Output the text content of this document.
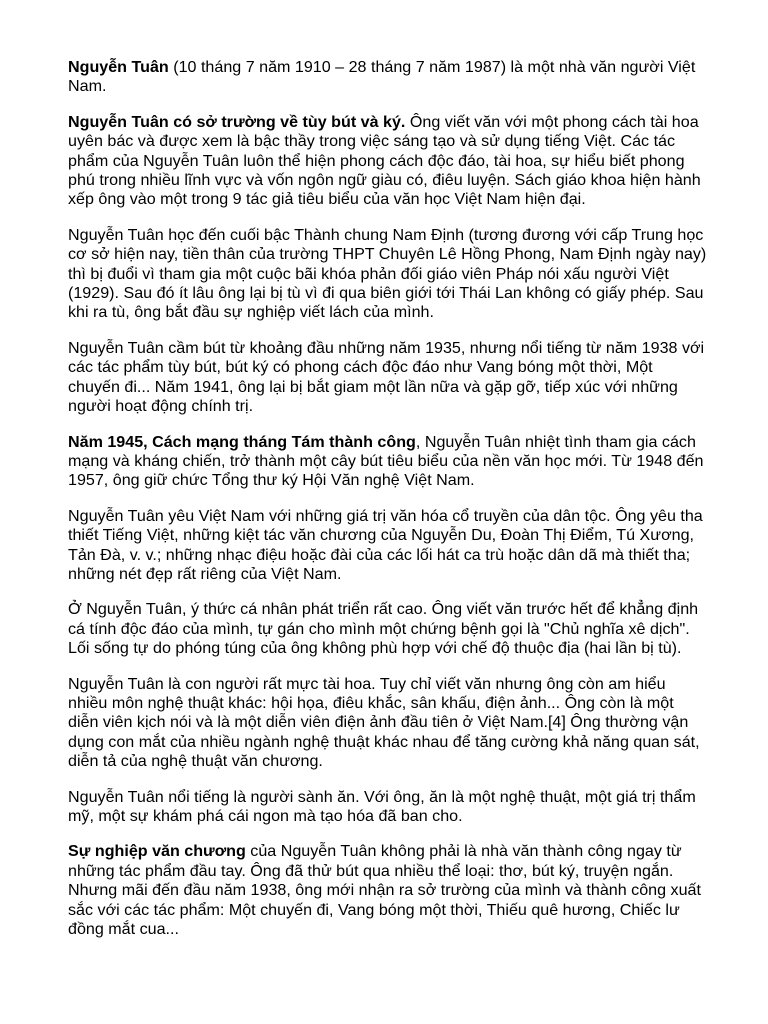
Nguyễn Tuân (10 tháng 7 năm 1910 – 28 tháng 7 năm 1987) là một nhà văn người Việt Nam.

Nguyễn Tuân có sở trường về tùy bút và ký. Ông viết văn với một phong cách tài hoa uyên bác và được xem là bậc thầy trong việc sáng tạo và sử dụng tiếng Việt. Các tác phẩm của Nguyễn Tuân luôn thể hiện phong cách độc đáo, tài hoa, sự hiểu biết phong phú trong nhiều lĩnh vực và vốn ngôn ngữ giàu có, điêu luyện. Sách giáo khoa hiện hành xếp ông vào một trong 9 tác giả tiêu biểu của văn học Việt Nam hiện đại.

Nguyễn Tuân học đến cuối bậc Thành chung Nam Định (tương đương với cấp Trung học cơ sở hiện nay, tiền thân của trường THPT Chuyên Lê Hồng Phong, Nam Định ngày nay) thì bị đuổi vì tham gia một cuộc bãi khóa phản đối giáo viên Pháp nói xấu người Việt (1929). Sau đó ít lâu ông lại bị tù vì đi qua biên giới tới Thái Lan không có giấy phép. Sau khi ra tù, ông bắt đầu sự nghiệp viết lách của mình.

Nguyễn Tuân cầm bút từ khoảng đầu những năm 1935, nhưng nổi tiếng từ năm 1938 với các tác phẩm tùy bút, bút ký có phong cách độc đáo như Vang bóng một thời, Một chuyến đi... Năm 1941, ông lại bị bắt giam một lần nữa và gặp gỡ, tiếp xúc với những người hoạt động chính trị.

Năm 1945, Cách mạng tháng Tám thành công, Nguyễn Tuân nhiệt tình tham gia cách mạng và kháng chiến, trở thành một cây bút tiêu biểu của nền văn học mới. Từ 1948 đến 1957, ông giữ chức Tổng thư ký Hội Văn nghệ Việt Nam.

Nguyễn Tuân yêu Việt Nam với những giá trị văn hóa cổ truyền của dân tộc. Ông yêu tha thiết Tiếng Việt, những kiệt tác văn chương của Nguyễn Du, Đoàn Thị Điểm, Tú Xương, Tản Đà, v. v.; những nhạc điệu hoặc đài của các lối hát ca trù hoặc dân dã mà thiết tha; những nét đẹp rất riêng của Việt Nam.

Ở Nguyễn Tuân, ý thức cá nhân phát triển rất cao. Ông viết văn trước hết để khẳng định cá tính độc đáo của mình, tự gán cho mình một chứng bệnh gọi là "Chủ nghĩa xê dịch". Lối sống tự do phóng túng của ông không phù hợp với chế độ thuộc địa (hai lần bị tù).

Nguyễn Tuân là con người rất mực tài hoa. Tuy chỉ viết văn nhưng ông còn am hiểu nhiều môn nghệ thuật khác: hội họa, điêu khắc, sân khấu, điện ảnh... Ông còn là một diễn viên kịch nói và là một diễn viên điện ảnh đầu tiên ở Việt Nam.[4] Ông thường vận dụng con mắt của nhiều ngành nghệ thuật khác nhau để tăng cường khả năng quan sát, diễn tả của nghệ thuật văn chương.

Nguyễn Tuân nổi tiếng là người sành ăn. Với ông, ăn là một nghệ thuật, một giá trị thẩm mỹ, một sự khám phá cái ngon mà tạo hóa đã ban cho.

Sự nghiệp văn chương của Nguyễn Tuân không phải là nhà văn thành công ngay từ những tác phẩm đầu tay. Ông đã thử bút qua nhiều thể loại: thơ, bút ký, truyện ngắn. Nhưng mãi đến đầu năm 1938, ông mới nhận ra sở trường của mình và thành công xuất sắc với các tác phẩm: Một chuyến đi, Vang bóng một thời, Thiếu quê hương, Chiếc lư đồng mắt cua...
